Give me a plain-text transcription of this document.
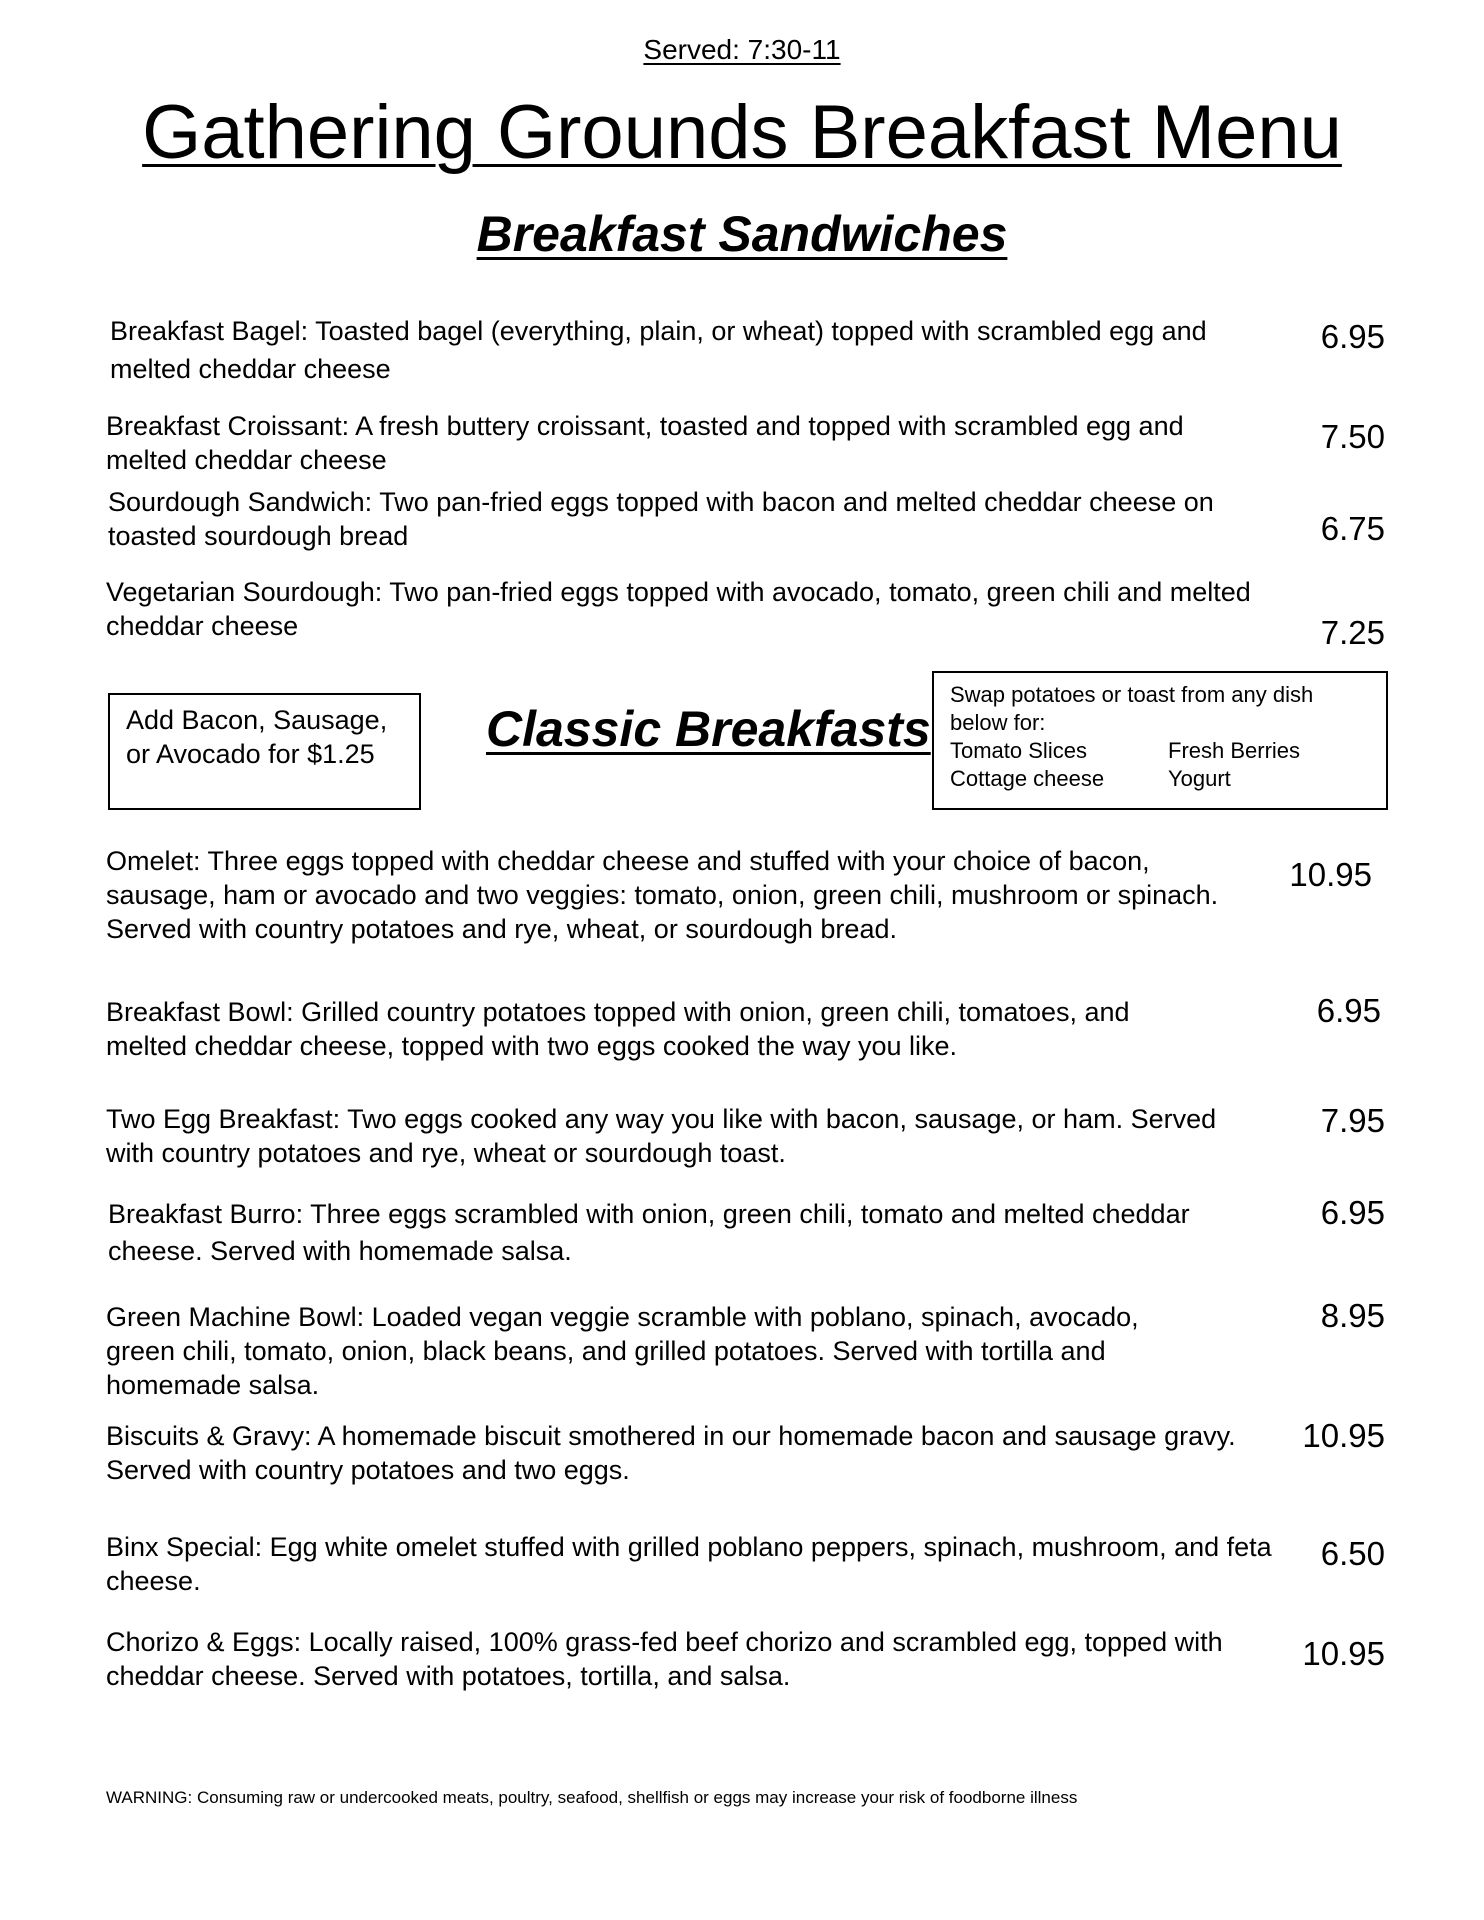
Served: 7:30-11
Gathering Grounds Breakfast Menu
Breakfast Sandwiches
Breakfast Bagel: Toasted bagel (everything, plain, or wheat) topped with scrambled egg and melted cheddar cheese
6.95
Breakfast Croissant: A fresh buttery croissant, toasted and topped with scrambled egg and melted cheddar cheese
7.50
Sourdough Sandwich: Two pan-fried eggs topped with bacon and melted cheddar cheese on toasted sourdough bread	6.75
Vegetarian Sourdough: Two pan-fried eggs topped with avocado, tomato, green chili and melted cheddar cheese	7.25
Add Bacon, Sausage, or Avocado for $1.25	Classic Breakfasts
Swap potatoes or toast from any dish below for:
Tomato Slices	Fresh Berries
Cottage cheese	Yogurt
Omelet: Three eggs topped with cheddar cheese and stuffed with your choice of bacon, sausage, ham or avocado and two veggies: tomato, onion, green chili, mushroom or spinach. Served with country potatoes and rye, wheat, or sourdough bread.
10.95
Breakfast Bowl: Grilled country potatoes topped with onion, green chili, tomatoes, and melted cheddar cheese, topped with two eggs cooked the way you like.
6.95
Two Egg Breakfast: Two eggs cooked any way you like with bacon, sausage, or ham. Served with country potatoes and rye, wheat or sourdough toast.
7.95
Breakfast Burro: Three eggs scrambled with onion, green chili, tomato and melted cheddar cheese. Served with homemade salsa.
6.95
Green Machine Bowl: Loaded vegan veggie scramble with poblano, spinach, avocado, green chili, tomato, onion, black beans, and grilled potatoes. Served with tortilla and homemade salsa.
8.95
Biscuits & Gravy: A homemade biscuit smothered in our homemade bacon and sausage gravy. Served with country potatoes and two eggs.
10.95
Binx Special: Egg white omelet stuffed with grilled poblano peppers, spinach, mushroom, and feta cheese.
6.50
Chorizo & Eggs: Locally raised, 100% grass-fed beef chorizo and scrambled egg, topped with cheddar cheese. Served with potatoes, tortilla, and salsa.
10.95
WARNING: Consuming raw or undercooked meats, poultry, seafood, shellfish or eggs may increase your risk of foodborne illness
